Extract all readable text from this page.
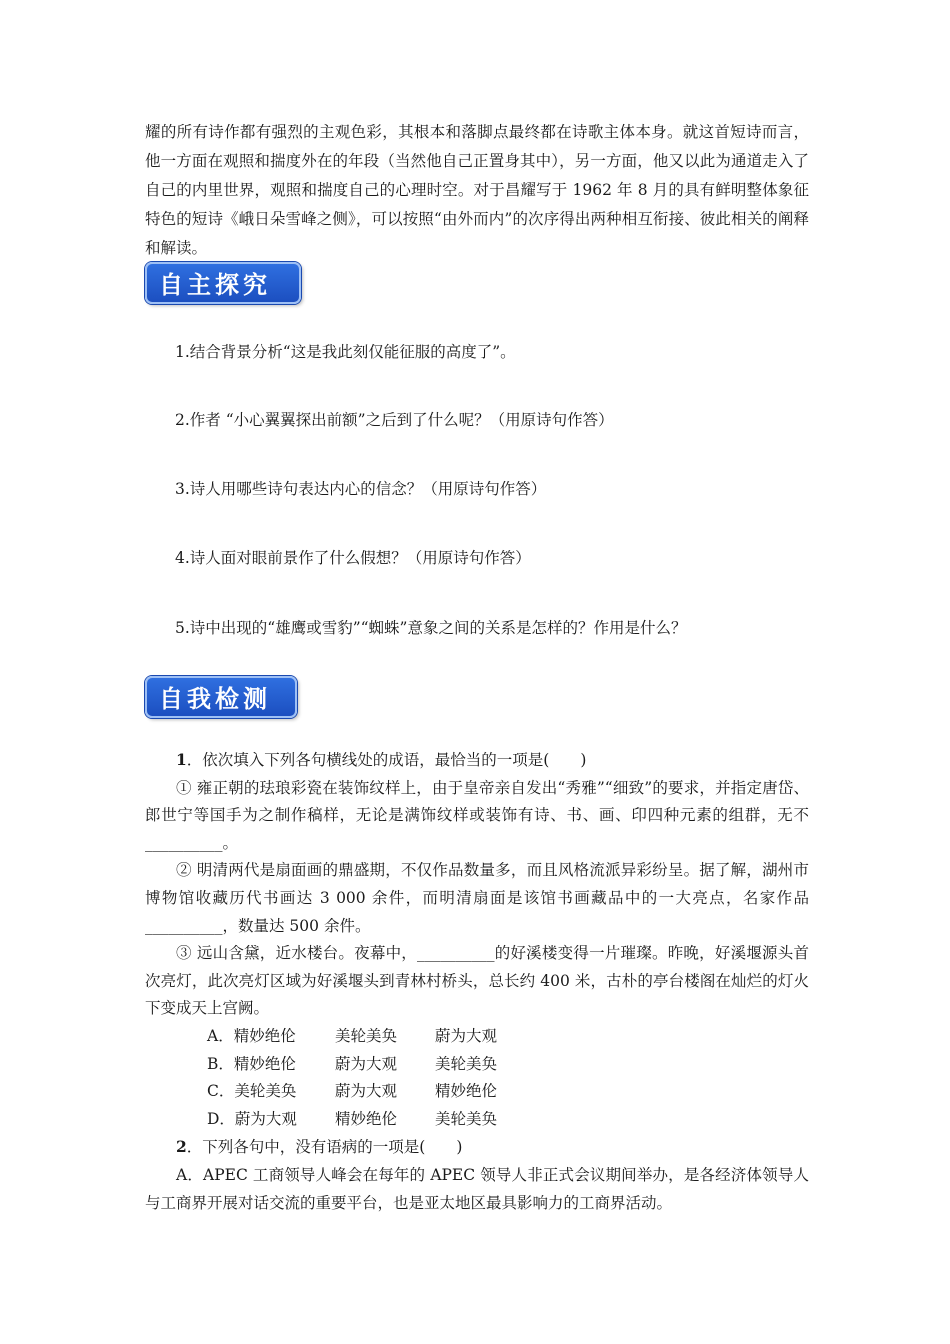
耀的所有诗作都有强烈的主观色彩，其根本和落脚点最终都在诗歌主体本身。就这首短诗而言，他一方面在观照和揣度外在的年段（当然他自己正置身其中），另一方面，他又以此为通道走入了自己的内里世界，观照和揣度自己的心理时空。对于昌耀写于 1962 年 8 月的具有鲜明整体象征特色的短诗《峨日朵雪峰之侧》，可以按照“由外而内”的次序得出两种相互衔接、彼此相关的阐释和解读。

自主探究
1.结合背景分析“这是我此刻仅能征服的高度了”。
2.作者 “小心翼翼探出前额”之后到了什么呢？（用原诗句作答）
3.诗人用哪些诗句表达内心的信念？（用原诗句作答）
4.诗人面对眼前景作了什么假想？（用原诗句作答）
5.诗中出现的“雄鹰或雪豹”“蜘蛛”意象之间的关系是怎样的？作用是什么？
自我检测

1．依次填入下列各句横线处的成语，最恰当的一项是(　　)

① 雍正朝的珐琅彩瓷在装饰纹样上，由于皇帝亲自发出“秀雅”“细致”的要求，并指定唐岱、郎世宁等国手为之制作稿样，无论是满饰纹样或装饰有诗、书、画、印四种元素的组群，无不__________。

② 明清两代是扇面画的鼎盛期，不仅作品数量多，而且风格流派异彩纷呈。据了解，湖州市博物馆收藏历代书画达 3 000 余件，而明清扇面是该馆书画藏品中的一大亮点，名家作品__________，数量达 500 余件。

③ 远山含黛，近水楼台。夜幕中，__________的好溪楼变得一片璀璨。昨晚，好溪堰源头首次亮灯，此次亮灯区域为好溪堰头到青林村桥头，总长约 400 米，古朴的亭台楼阁在灿烂的灯火下变成天上宫阙。

A．精妙绝伦	美轮美奂 蔚为大观

B．精妙绝伦	蔚为大观 美轮美奂

C．美轮美奂 蔚为大观 精妙绝伦

D．蔚为大观 精妙绝伦 美轮美奂

2．下列各句中，没有语病的一项是(　　)

A．APEC 工商领导人峰会在每年的 APEC 领导人非正式会议期间举办，是各经济体领导人与工商界开展对话交流的重要平台，也是亚太地区最具影响力的工商界活动。
